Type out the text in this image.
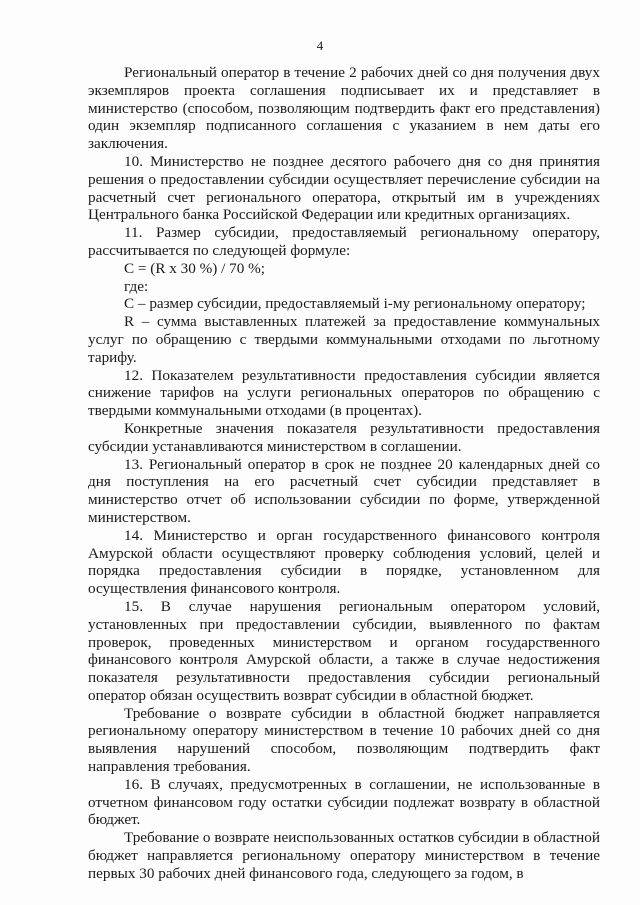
4

Региональный оператор в течение 2 рабочих дней со дня получения двух экземпляров проекта соглашения подписывает их и представляет в министерство (способом, позволяющим подтвердить факт его представления) один экземпляр подписанного соглашения с указанием в нем даты его заключения.

10. Министерство не позднее десятого рабочего дня со дня принятия решения о предоставлении субсидии осуществляет перечисление субсидии на расчетный счет регионального оператора, открытый им в учреждениях Центрального банка Российской Федерации или кредитных организациях.

11. Размер субсидии, предоставляемый региональному оператору, рассчитывается по следующей формуле:

C = (R x 30 %) / 70 %;

где:

C – размер субсидии, предоставляемый i-му региональному оператору;

R – сумма выставленных платежей за предоставление коммунальных услуг по обращению с твердыми коммунальными отходами по льготному тарифу.

12. Показателем результативности предоставления субсидии является снижение тарифов на услуги региональных операторов по обращению с твердыми коммунальными отходами (в процентах).

Конкретные значения показателя результативности предоставления субсидии устанавливаются министерством в соглашении.

13. Региональный оператор в срок не позднее 20 календарных дней со дня поступления на его расчетный счет субсидии представляет в министерство отчет об использовании субсидии по форме, утвержденной министерством.

14. Министерство и орган государственного финансового контроля Амурской области осуществляют проверку соблюдения условий, целей и порядка предоставления субсидии в порядке, установленном для осуществления финансового контроля.

15. В случае нарушения региональным оператором условий, установленных при предоставлении субсидии, выявленного по фактам проверок, проведенных министерством и органом государственного финансового контроля Амурской области, а также в случае недостижения показателя результативности предоставления субсидии региональный оператор обязан осуществить возврат субсидии в областной бюджет.

Требование о возврате субсидии в областной бюджет направляется региональному оператору министерством в течение 10 рабочих дней со дня выявления нарушений способом, позволяющим подтвердить факт направления требования.

16. В случаях, предусмотренных в соглашении, не использованные в отчетном финансовом году остатки субсидии подлежат возврату в областной бюджет.

Требование о возврате неиспользованных остатков субсидии в областной бюджет направляется региональному оператору министерством в течение первых 30 рабочих дней финансового года, следующего за годом, в
